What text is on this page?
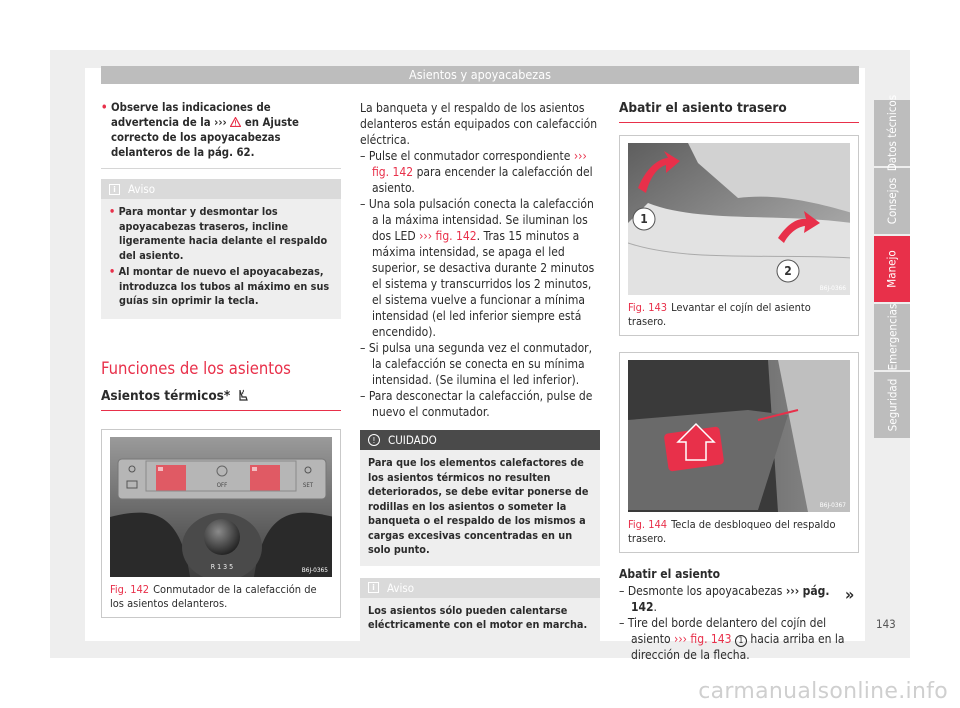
Asientos y apoyacabezas
• Observe las indicaciones de advertencia de la ››› en Ajuste correcto de los apoyacabezas delanteros de la pág. 62.
i	Aviso

• Para montar y desmontar los apoyacabezas traseros, incline ligeramente hacia delante el respaldo del asiento.

• Al montar de nuevo el apoyacabezas, introduzca los tubos al máximo en sus guías sin oprimir la tecla.

Funciones de los asientos
Asientos térmicos*
OFF	SET
R 1 3 5	B6J-0365
Fig. 142 Conmutador de la calefacción de los asientos delanteros.
La banqueta y el respaldo de los asientos delanteros están equipados con calefacción eléctrica.
– Pulse el conmutador correspondiente ››› fig. 142 para encender la calefacción del asiento.
– Una sola pulsación conecta la calefacción a la máxima intensidad. Se iluminan los dos LED ››› fig. 142. Tras 15 minutos a máxima intensidad, se apaga el led superior, se desactiva durante 2 minutos el sistema y transcurridos los 2 minutos, el sistema vuelve a funcionar a mínima intensidad (el led inferior siempre está encendido).
– Si pulsa una segunda vez el conmutador, la calefacción se conecta en su mínima intensidad. (Se ilumina el led inferior).
– Para desconectar la calefacción, pulse de nuevo el conmutador.
!	CUIDADO
Para que los elementos calefactores de los asientos térmicos no resulten deteriorados, se debe evitar ponerse de rodillas en los asientos o someter la banqueta o el respaldo de los mismos a cargas excesivas concentradas en un solo punto.
i	Aviso
Los asientos sólo pueden calentarse eléctricamente con el motor en marcha.
Abatir el asiento trasero
1
2
B6J-0366
Fig. 143 Levantar el cojín del asiento trasero.
B6J-0367
Fig. 144 Tecla de desbloqueo del respaldo trasero.
Abatir el asiento
– Desmonte los apoyacabezas ››› pág. 142.
– Tire del borde delantero del cojín del asiento ››› fig. 143 1 hacia arriba en la dirección de la flecha.
»
Datos técnicos
Consejos
Manejo
Emergencias
Seguridad
143
carmanualsonline.info
